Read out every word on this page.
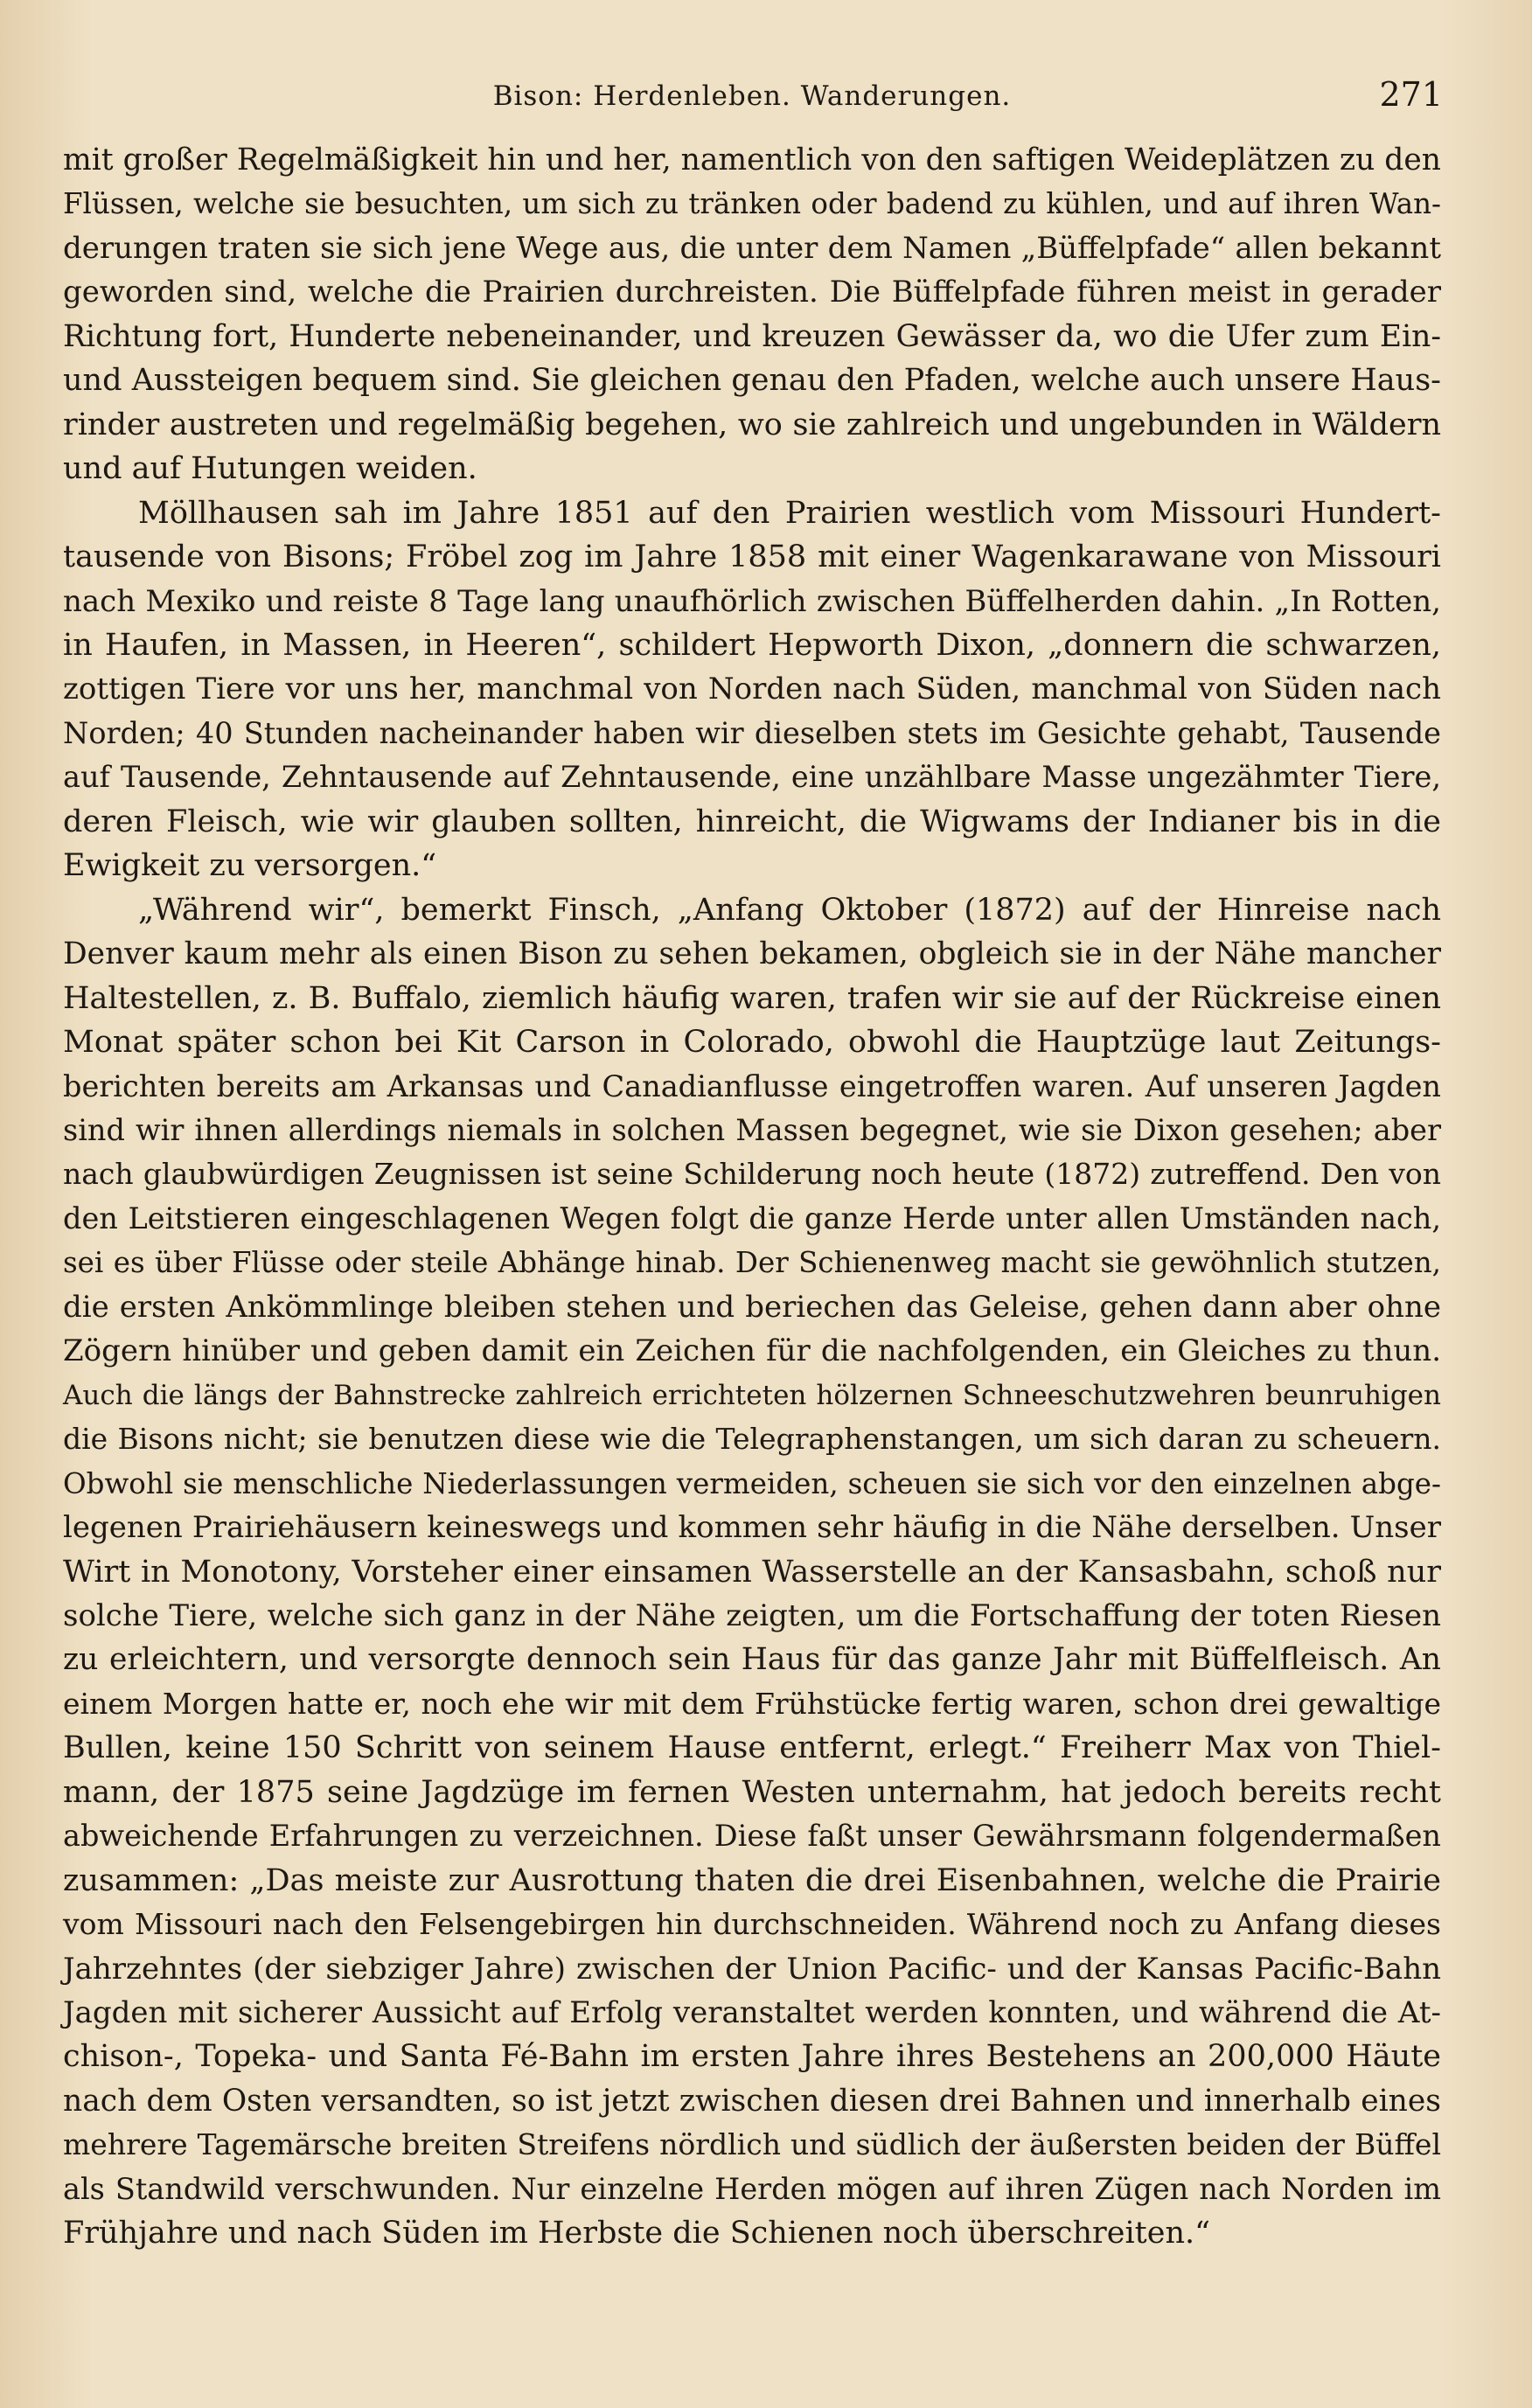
Bison: Herdenleben. Wanderungen.	271
mit großer Regelmäßigkeit hin und her, namentlich von den saftigen Weideplätzen zu den
Flüssen, welche sie besuchten, um sich zu tränken oder badend zu kühlen, und auf ihren Wan-
derungen traten sie sich jene Wege aus, die unter dem Namen „Büffelpfade“ allen bekannt
geworden sind, welche die Prairien durchreisten. Die Büffelpfade führen meist in gerader
Richtung fort, Hunderte nebeneinander, und kreuzen Gewässer da, wo die Ufer zum Ein-
und Aussteigen bequem sind. Sie gleichen genau den Pfaden, welche auch unsere Haus-
rinder austreten und regelmäßig begehen, wo sie zahlreich und ungebunden in Wäldern
und auf Hutungen weiden.
Möllhausen sah im Jahre 1851 auf den Prairien westlich vom Missouri Hundert-
tausende von Bisons; Fröbel zog im Jahre 1858 mit einer Wagenkarawane von Missouri
nach Mexiko und reiste 8 Tage lang unaufhörlich zwischen Büffelherden dahin. „In Rotten,
in Haufen, in Massen, in Heeren“, schildert Hepworth Dixon, „donnern die schwarzen,
zottigen Tiere vor uns her, manchmal von Norden nach Süden, manchmal von Süden nach
Norden; 40 Stunden nacheinander haben wir dieselben stets im Gesichte gehabt, Tausende
auf Tausende, Zehntausende auf Zehntausende, eine unzählbare Masse ungezähmter Tiere,
deren Fleisch, wie wir glauben sollten, hinreicht, die Wigwams der Indianer bis in die
Ewigkeit zu versorgen.“
„Während wir“, bemerkt Finsch, „Anfang Oktober (1872) auf der Hinreise nach
Denver kaum mehr als einen Bison zu sehen bekamen, obgleich sie in der Nähe mancher
Haltestellen, z. B. Buffalo, ziemlich häufig waren, trafen wir sie auf der Rückreise einen
Monat später schon bei Kit Carson in Colorado, obwohl die Hauptzüge laut Zeitungs-
berichten bereits am Arkansas und Canadianflusse eingetroffen waren. Auf unseren Jagden
sind wir ihnen allerdings niemals in solchen Massen begegnet, wie sie Dixon gesehen; aber
nach glaubwürdigen Zeugnissen ist seine Schilderung noch heute (1872) zutreffend. Den von
den Leitstieren eingeschlagenen Wegen folgt die ganze Herde unter allen Umständen nach,
sei es über Flüsse oder steile Abhänge hinab. Der Schienenweg macht sie gewöhnlich stutzen,
die ersten Ankömmlinge bleiben stehen und beriechen das Geleise, gehen dann aber ohne
Zögern hinüber und geben damit ein Zeichen für die nachfolgenden, ein Gleiches zu thun.
Auch die längs der Bahnstrecke zahlreich errichteten hölzernen Schneeschutzwehren beunruhigen
die Bisons nicht; sie benutzen diese wie die Telegraphenstangen, um sich daran zu scheuern.
Obwohl sie menschliche Niederlassungen vermeiden, scheuen sie sich vor den einzelnen abge-
legenen Prairiehäusern keineswegs und kommen sehr häufig in die Nähe derselben. Unser
Wirt in Monotony, Vorsteher einer einsamen Wasserstelle an der Kansasbahn, schoß nur
solche Tiere, welche sich ganz in der Nähe zeigten, um die Fortschaffung der toten Riesen
zu erleichtern, und versorgte dennoch sein Haus für das ganze Jahr mit Büffelfleisch. An
einem Morgen hatte er, noch ehe wir mit dem Frühstücke fertig waren, schon drei gewaltige
Bullen, keine 150 Schritt von seinem Hause entfernt, erlegt.“ Freiherr Max von Thiel-
mann, der 1875 seine Jagdzüge im fernen Westen unternahm, hat jedoch bereits recht
abweichende Erfahrungen zu verzeichnen. Diese faßt unser Gewährsmann folgendermaßen
zusammen: „Das meiste zur Ausrottung thaten die drei Eisenbahnen, welche die Prairie
vom Missouri nach den Felsengebirgen hin durchschneiden. Während noch zu Anfang dieses
Jahrzehntes (der siebziger Jahre) zwischen der Union Pacific- und der Kansas Pacific-Bahn
Jagden mit sicherer Aussicht auf Erfolg veranstaltet werden konnten, und während die At-
chison-, Topeka- und Santa Fé-Bahn im ersten Jahre ihres Bestehens an 200,000 Häute
nach dem Osten versandten, so ist jetzt zwischen diesen drei Bahnen und innerhalb eines
mehrere Tagemärsche breiten Streifens nördlich und südlich der äußersten beiden der Büffel
als Standwild verschwunden. Nur einzelne Herden mögen auf ihren Zügen nach Norden im
Frühjahre und nach Süden im Herbste die Schienen noch überschreiten.“
